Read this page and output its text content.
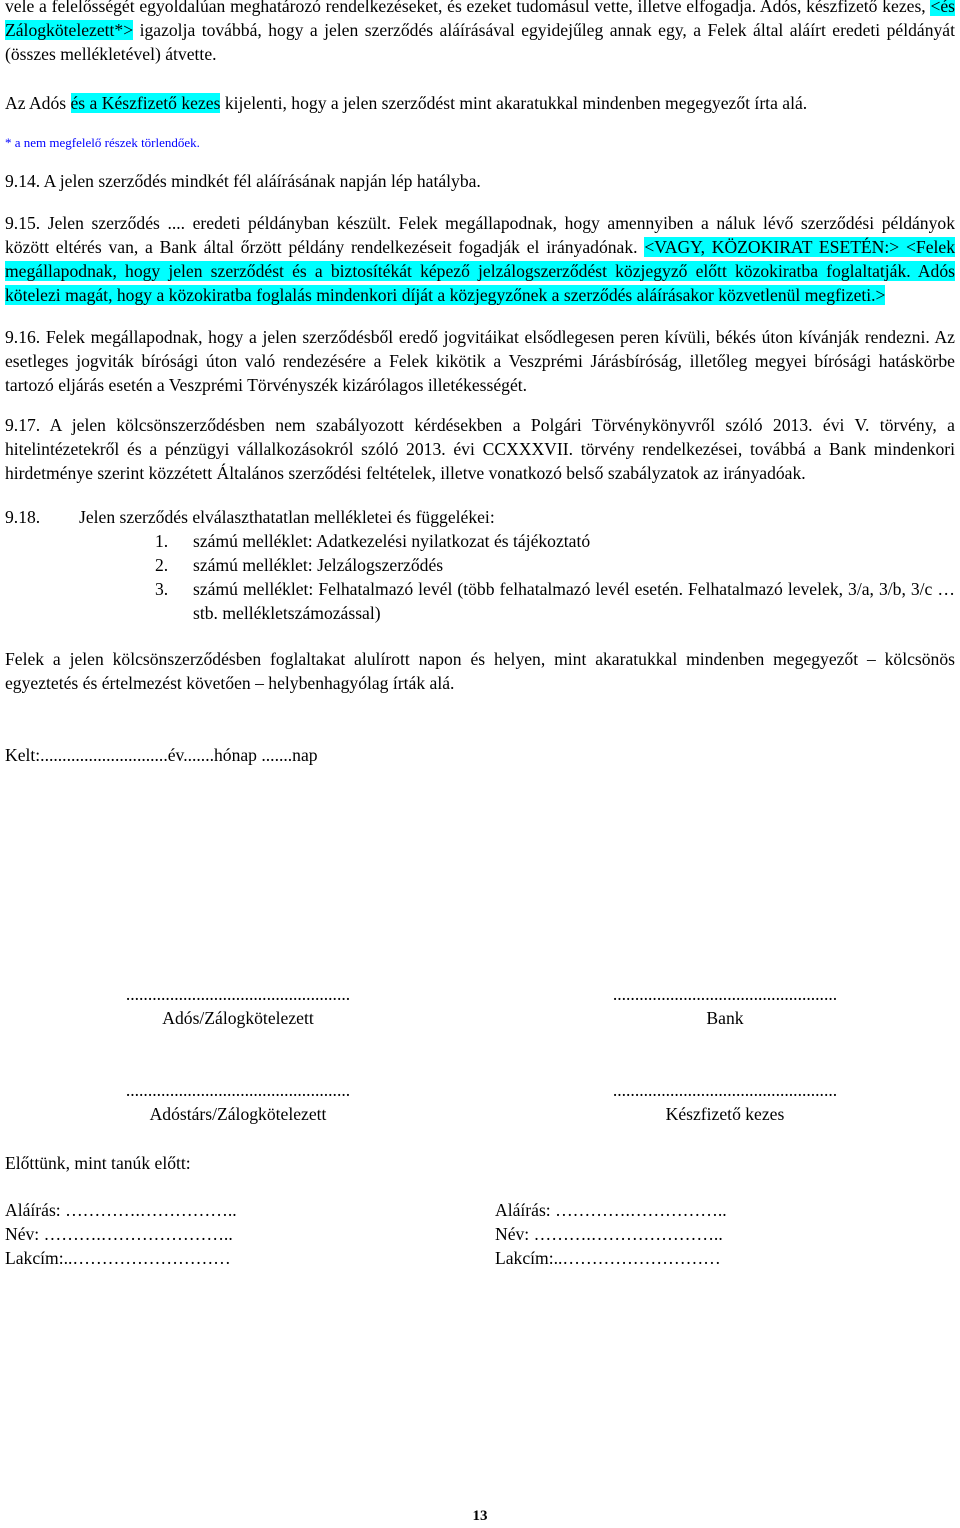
vele a felelősségét egyoldalúan meghatározó rendelkezéseket, és ezeket tudomásul vette, illetve elfogadja. Adós, készfizető kezes, <és Zálogkötelezett*> igazolja továbbá, hogy a jelen szerződés aláírásával egyidejűleg annak egy, a Felek által aláírt eredeti példányát (összes mellékletével) átvette.

Az Adós és a Készfizető kezes kijelenti, hogy a jelen szerződést mint akaratukkal mindenben megegyezőt írta alá.

* a nem megfelelő részek törlendőek.

9.14. A jelen szerződés mindkét fél aláírásának napján lép hatályba.

9.15. Jelen szerződés .... eredeti példányban készült. Felek megállapodnak, hogy amennyiben a náluk lévő szerződési példányok között eltérés van, a Bank által őrzött példány rendelkezéseit fogadják el irányadónak. <VAGY, KÖZOKIRAT ESETÉN:> <Felek megállapodnak, hogy jelen szerződést és a biztosítékát képező jelzálogszerződést közjegyző előtt közokiratba foglaltatják. Adós kötelezi magát, hogy a közokiratba foglalás mindenkori díját a közjegyzőnek a szerződés aláírásakor közvetlenül megfizeti.>

9.16. Felek megállapodnak, hogy a jelen szerződésből eredő jogvitáikat elsődlegesen peren kívüli, békés úton kívánják rendezni. Az esetleges jogviták bírósági úton való rendezésére a Felek kikötik a Veszprémi Járásbíróság, illetőleg megyei bírósági hatáskörbe tartozó eljárás esetén a Veszprémi Törvényszék kizárólagos illetékességét.

9.17. A jelen kölcsönszerződésben nem szabályozott kérdésekben a Polgári Törvénykönyvről szóló 2013. évi V. törvény, a hitelintézetekről és a pénzügyi vállalkozásokról szóló 2013. évi CCXXXVII. törvény rendelkezései, továbbá a Bank mindenkori hirdetménye szerint közzétett Általános szerződési feltételek, illetve vonatkozó belső szabályzatok az irányadóak.

9.18. Jelen szerződés elválaszthatatlan mellékletei és függelékei:

1.	számú melléklet: Adatkezelési nyilatkozat és tájékoztató
2.	számú melléklet: Jelzálogszerződés
3.	számú melléklet: Felhatalmazó levél (több felhatalmazó levél esetén. Felhatalmazó levelek, 3/a, 3/b, 3/c …stb. mellékletszámozással)

Felek a jelen kölcsönszerződésben foglaltakat alulírott napon és helyen, mint akaratukkal mindenben megegyezőt – kölcsönös egyeztetés és értelmezést követően – helybenhagyólag írták alá.

Kelt:.............................év.......hónap .......nap

...................................................	...................................................
Adós/Zálogkötelezett	Bank
...................................................	...................................................
Adóstárs/Zálogkötelezett	Készfizető kezes
Előttünk, mint tanúk előtt:
Aláírás: ………….……………..
Név: ……….…………………..
Lakcím:..………………………
Aláírás: ………….……………..
Név: ……….…………………..
Lakcím:..………………………
13
